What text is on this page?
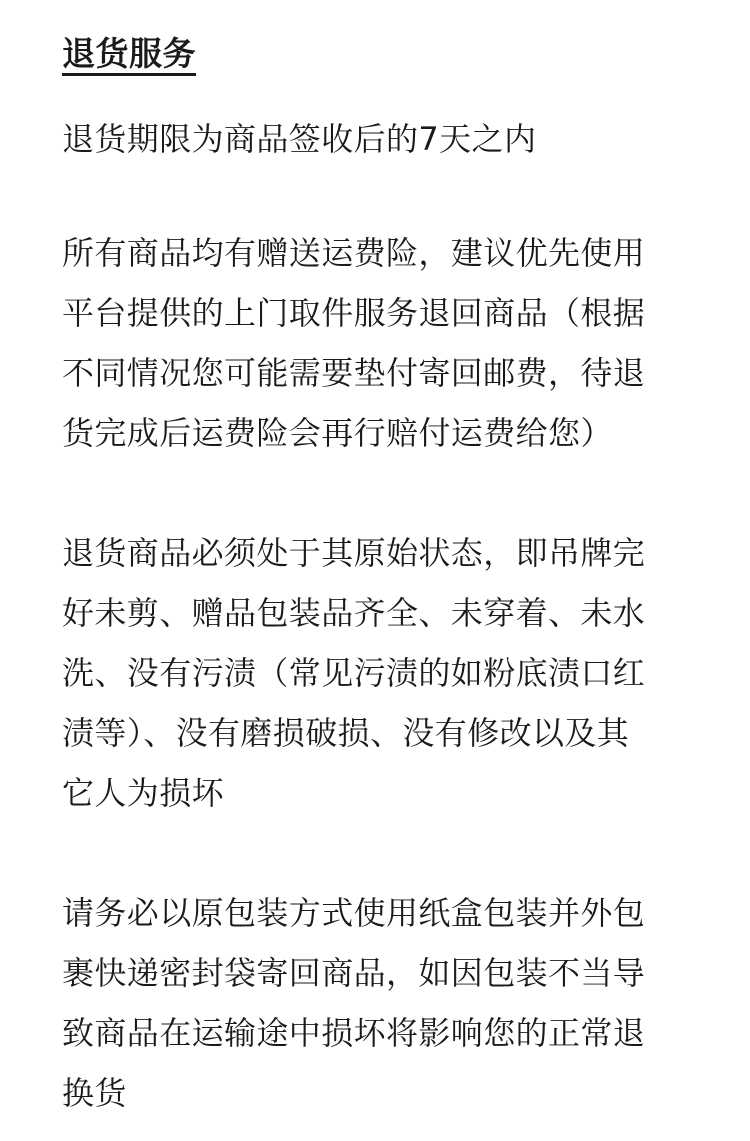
退货服务

退货期限为商品签收后的7天之内

所有商品均有赠送运费险，建议优先使用
平台提供的上门取件服务退回商品（根据
不同情况您可能需要垫付寄回邮费，待退
货完成后运费险会再行赔付运费给您）

退货商品必须处于其原始状态，即吊牌完
好未剪、赠品包装品齐全、未穿着、未水
洗、没有污渍（常见污渍的如粉底渍口红
渍等）、没有磨损破损、没有修改以及其
它人为损坏

请务必以原包装方式使用纸盒包装并外包
裹快递密封袋寄回商品，如因包装不当导
致商品在运输途中损坏将影响您的正常退
换货
